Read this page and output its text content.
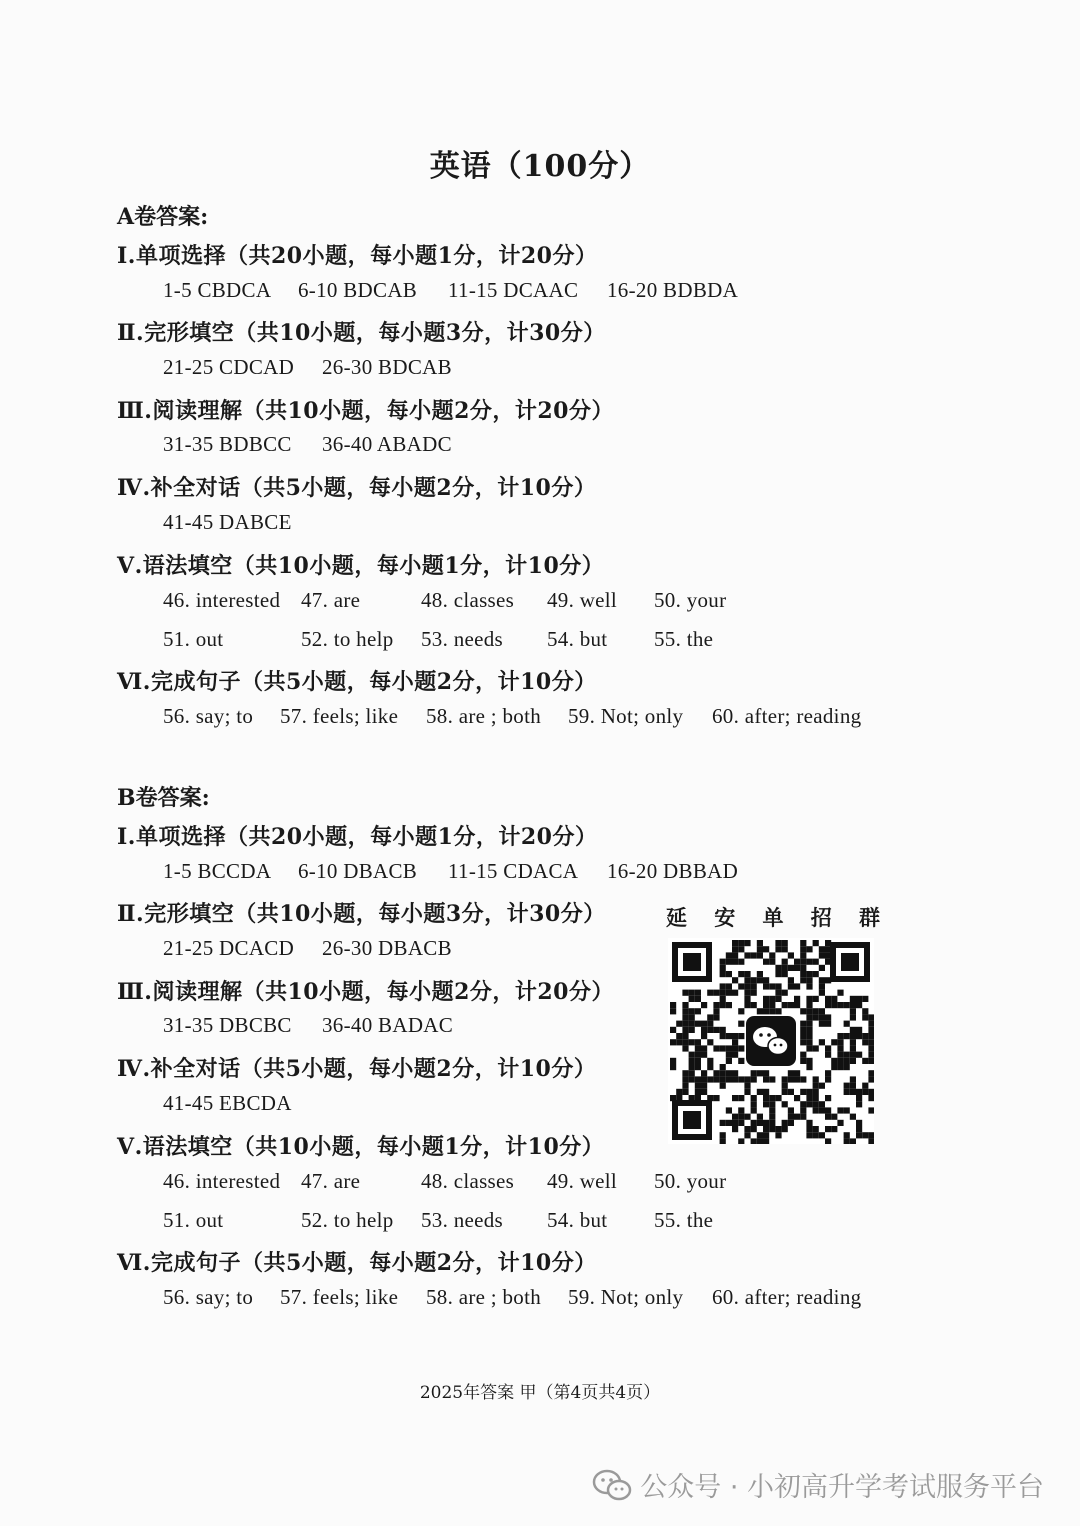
英语（100分）
A卷答案:
Ⅰ.单项选择（共20小题，每小题1分，计20分）
1-5 CBDCA 6-10 BDCAB 11-15 DCAAC 16-20 BDBDA
Ⅱ.完形填空（共10小题，每小题3分，计30分）
21-25 CDCAD 26-30 BDCAB
Ⅲ.阅读理解（共10小题，每小题2分，计20分）
31-35 BDBCC 36-40 ABADC
Ⅳ.补全对话（共5小题，每小题2分，计10分）
41-45 DABCE
Ⅴ.语法填空（共10小题，每小题1分，计10分）
46. interested 47. are	48. classes 49. well 50. your
51. out	52. to help 53. needs 54. but 55. the
Ⅵ.完成句子（共5小题，每小题2分，计10分）
56. say; to 57. feels; like 58. are ; both 59. Not; only 60. after; reading
B卷答案:
Ⅰ.单项选择（共20小题，每小题1分，计20分）
1-5 BCCDA 6-10 DBACB 11-15 CDACA 16-20 DBBAD
Ⅱ.完形填空（共10小题，每小题3分，计30分）
21-25 DCACD 26-30 DBACB
Ⅲ.阅读理解（共10小题，每小题2分，计20分）
31-35 DBCBC 36-40 BADAC
Ⅳ.补全对话（共5小题，每小题2分，计10分）
41-45 EBCDA
Ⅴ.语法填空（共10小题，每小题1分，计10分）
46. interested 47. are	48. classes 49. well 50. your
51. out	52. to help 53. needs 54. but 55. the
Ⅵ.完成句子（共5小题，每小题2分，计10分）
56. say; to 57. feels; like 58. are ; both 59. Not; only 60. after; reading
延 安 单 招 群
2025年答案 甲（第4页共4页）
公众号 · 小初高升学考试服务平台
